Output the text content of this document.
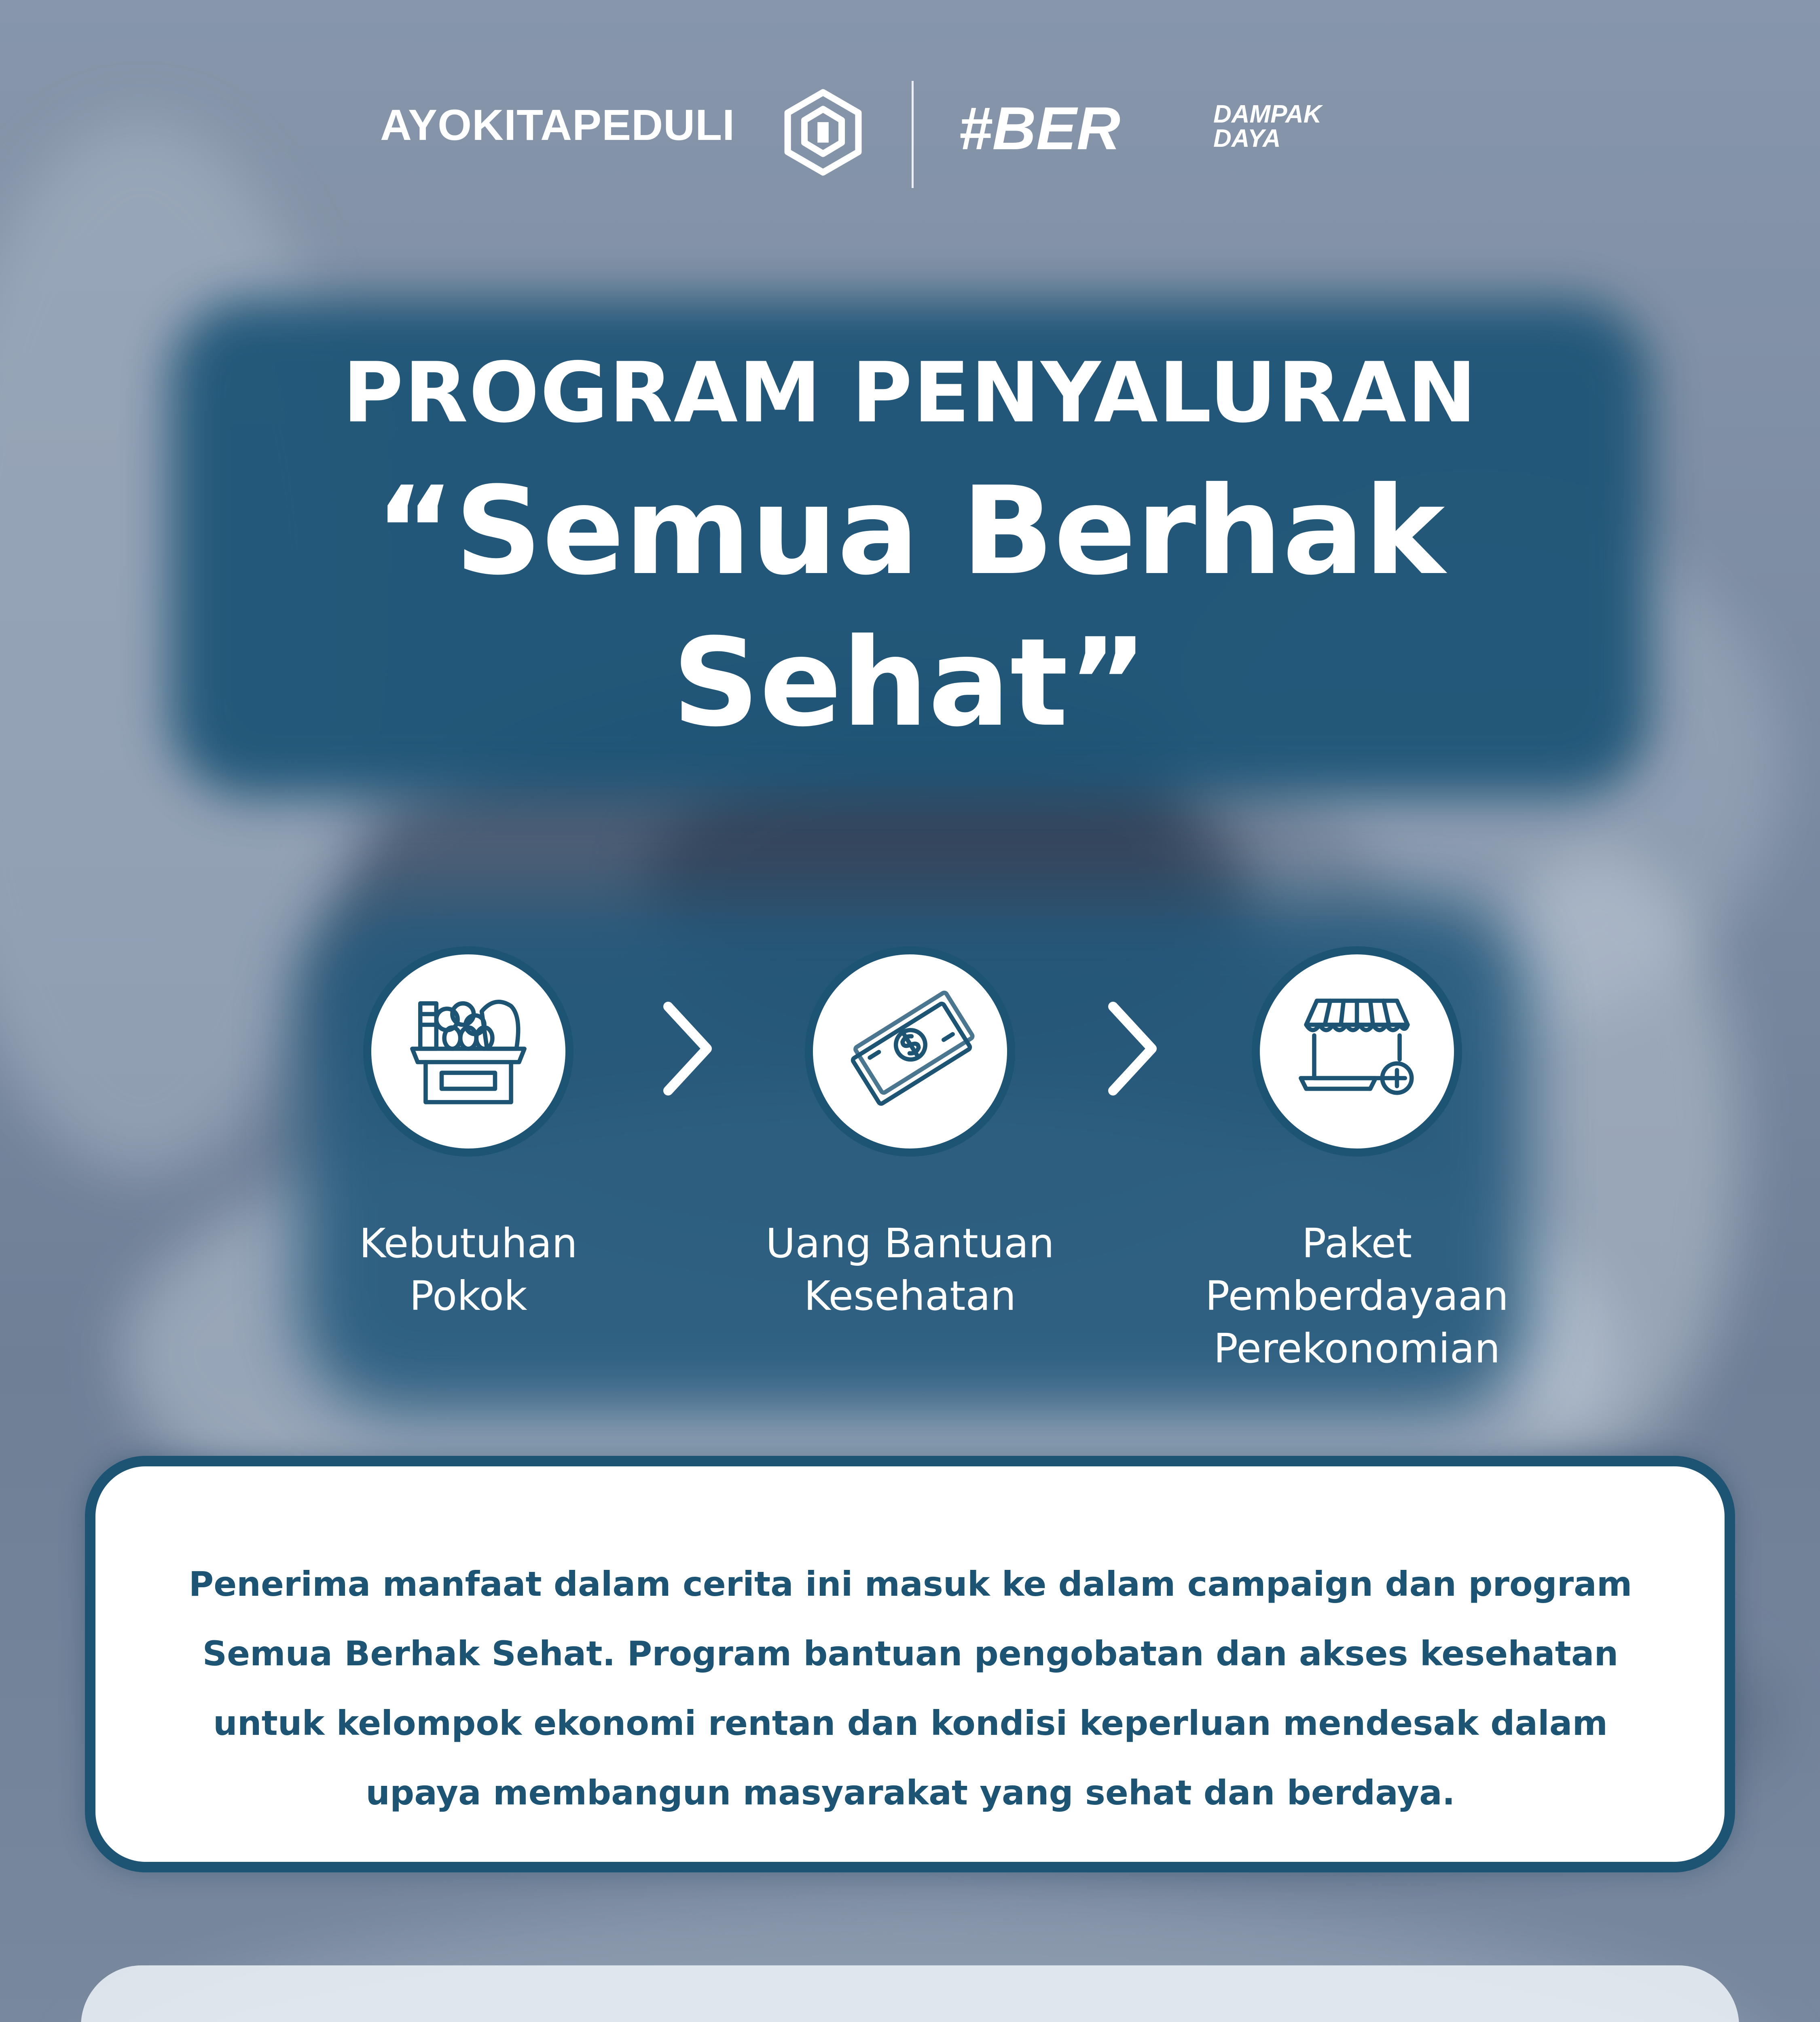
AYOKITAPEDULI	#BER	DAMPAK
DAYA
PROGRAM PENYALURAN
“Semua Berhak
Sehat”
Kebutuhan
Pokok
Uang Bantuan
Kesehatan
Paket
Pemberdayaan
Perekonomian
Penerima manfaat dalam cerita ini masuk ke dalam campaign dan program
Semua Berhak Sehat. Program bantuan pengobatan dan akses kesehatan
untuk kelompok ekonomi rentan dan kondisi keperluan mendesak dalam
upaya membangun masyarakat yang sehat dan berdaya.
